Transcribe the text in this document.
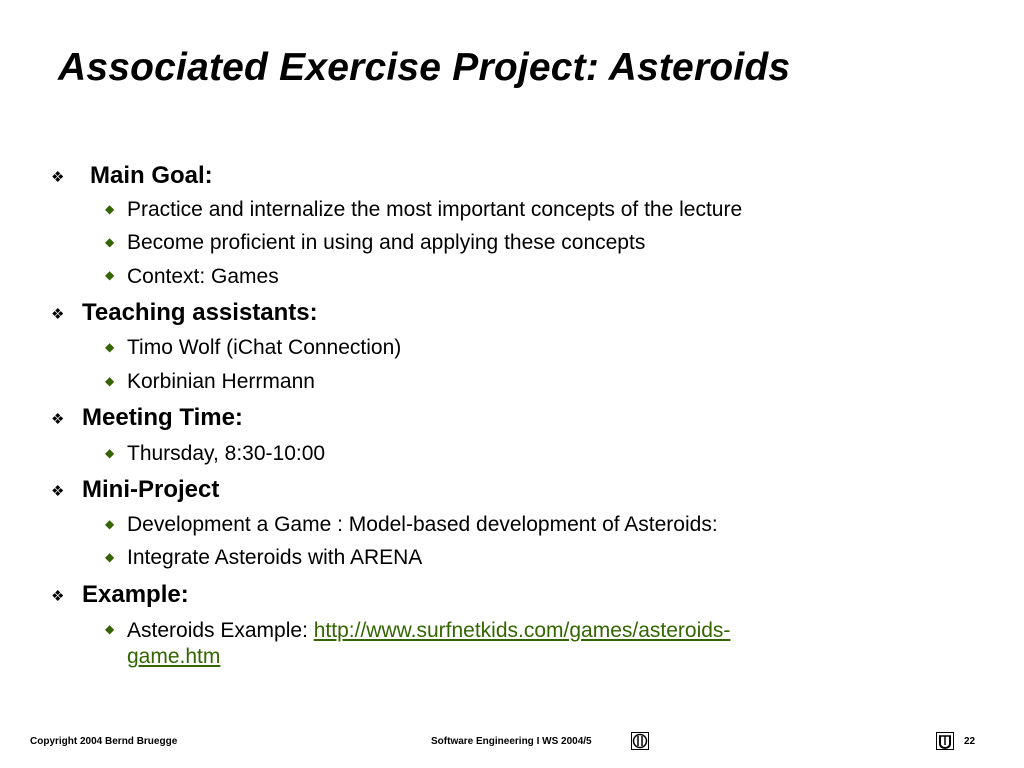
Associated Exercise Project: Asteroids
❖ Main Goal:
◆ Practice and internalize the most important concepts of the lecture
◆ Become proficient in using and applying these concepts
◆ Context: Games
❖ Teaching assistants:
◆ Timo Wolf (iChat Connection)
◆ Korbinian Herrmann
❖ Meeting Time:
◆ Thursday, 8:30-10:00
❖ Mini-Project
◆ Development a Game : Model-based development of Asteroids:
◆ Integrate Asteroids with ARENA
❖ Example:
◆ Asteroids Example: http://www.surfnetkids.com/games/asteroids-
game.htm
Copyright 2004 Bernd Bruegge	Software Engineering I WS 2004/5	22
